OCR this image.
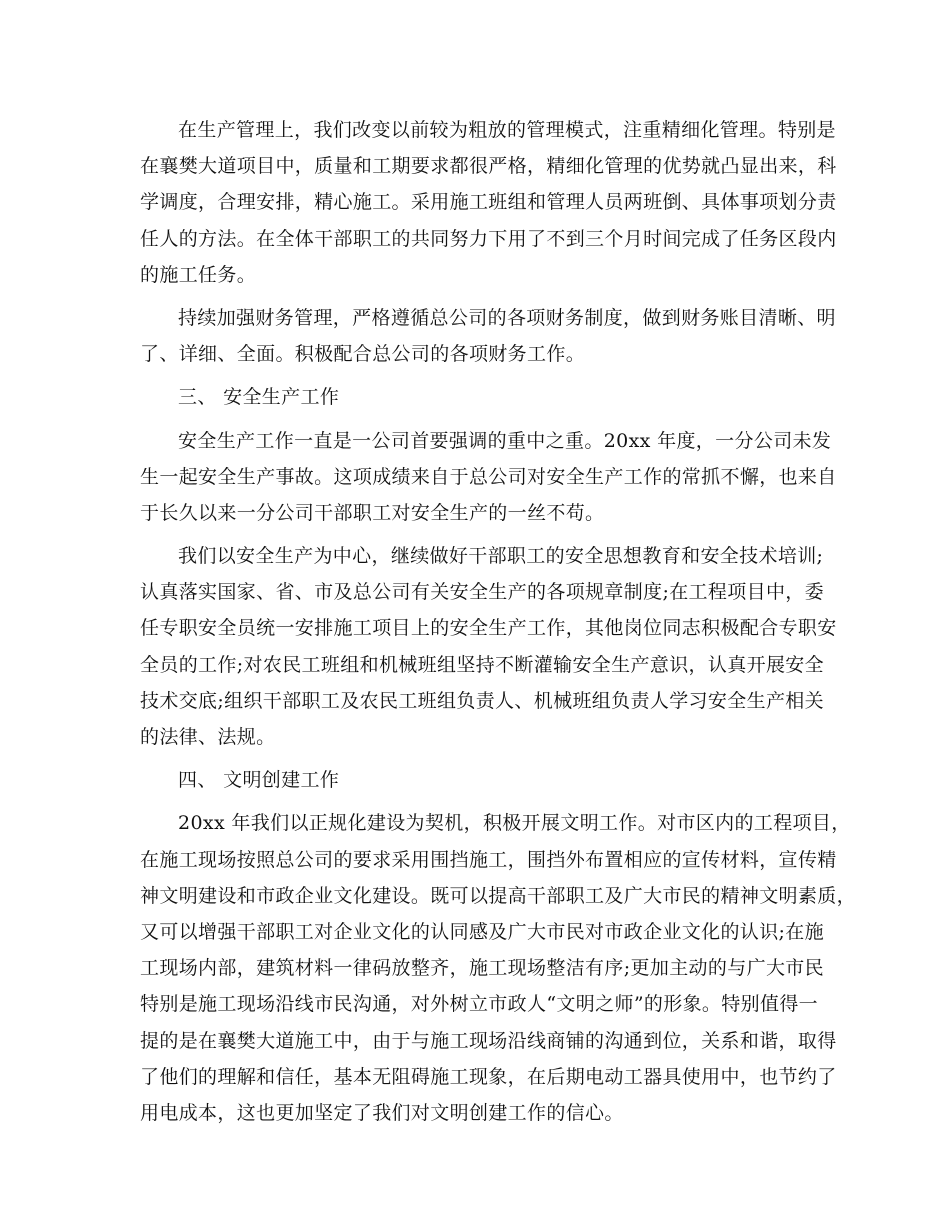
在生产管理上，我们改变以前较为粗放的管理模式，注重精细化管理。特别是
在襄樊大道项目中，质量和工期要求都很严格，精细化管理的优势就凸显出来，科
学调度，合理安排，精心施工。采用施工班组和管理人员两班倒、具体事项划分责
任人的方法。在全体干部职工的共同努力下用了不到三个月时间完成了任务区段内
的施工任务。
持续加强财务管理，严格遵循总公司的各项财务制度，做到财务账目清晰、明
了、详细、全面。积极配合总公司的各项财务工作。
三、 安全生产工作
安全生产工作一直是一公司首要强调的重中之重。20xx 年度，一分公司未发
生一起安全生产事故。这项成绩来自于总公司对安全生产工作的常抓不懈，也来自
于长久以来一分公司干部职工对安全生产的一丝不苟。
我们以安全生产为中心，继续做好干部职工的安全思想教育和安全技术培训;
认真落实国家、省、市及总公司有关安全生产的各项规章制度;在工程项目中，委
任专职安全员统一安排施工项目上的安全生产工作，其他岗位同志积极配合专职安
全员的工作;对农民工班组和机械班组坚持不断灌输安全生产意识，认真开展安全
技术交底;组织干部职工及农民工班组负责人、机械班组负责人学习安全生产相关
的法律、法规。
四、 文明创建工作
20xx 年我们以正规化建设为契机，积极开展文明工作。对市区内的工程项目，
在施工现场按照总公司的要求采用围挡施工，围挡外布置相应的宣传材料，宣传精
神文明建设和市政企业文化建设。既可以提高干部职工及广大市民的精神文明素质，
又可以增强干部职工对企业文化的认同感及广大市民对市政企业文化的认识;在施
工现场内部，建筑材料一律码放整齐，施工现场整洁有序;更加主动的与广大市民
特别是施工现场沿线市民沟通，对外树立市政人“文明之师”的形象。特别值得一
提的是在襄樊大道施工中，由于与施工现场沿线商铺的沟通到位，关系和谐，取得
了他们的理解和信任，基本无阻碍施工现象，在后期电动工器具使用中，也节约了
用电成本，这也更加坚定了我们对文明创建工作的信心。
